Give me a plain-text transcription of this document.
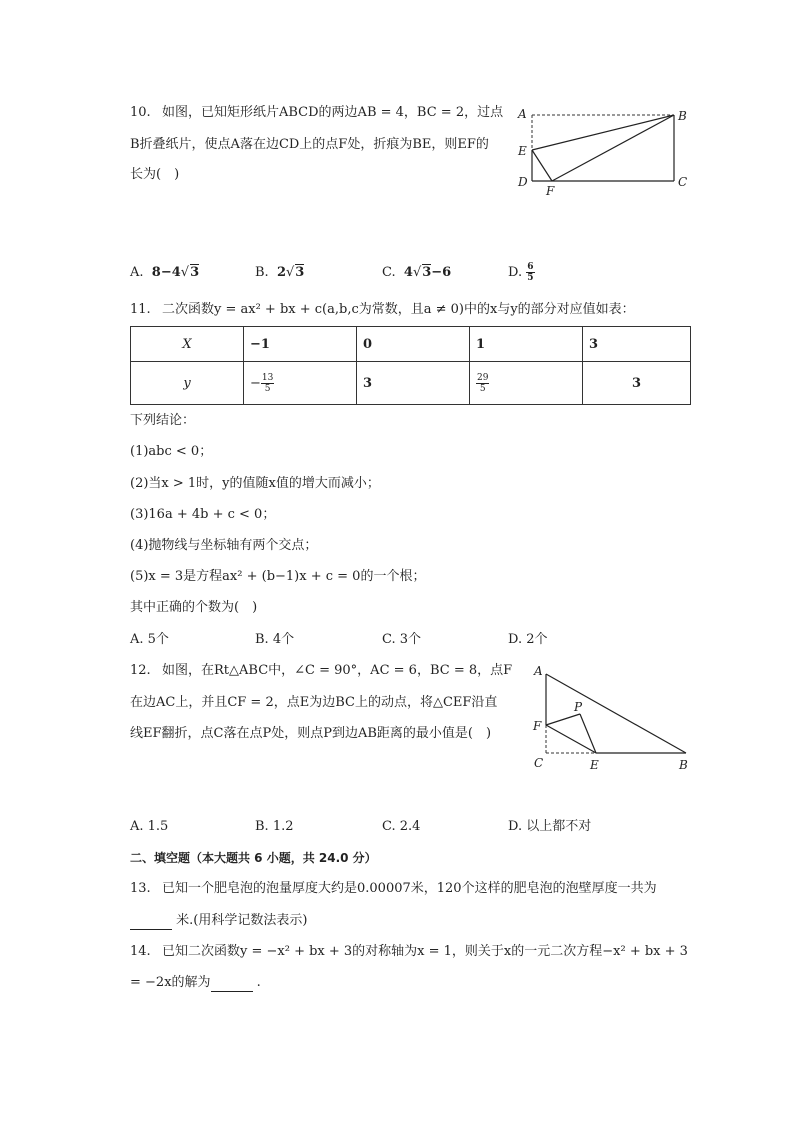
10. 如图，已知矩形纸片ABCD的两边AB = 4，BC = 2，过点
B折叠纸片，使点A落在边CD上的点F处，折痕为BE，则EF的
长为(　)
A	B
E
D
F
C
A. 8−4√3	B. 2√3	C. 4√3−6	D. $\frac{6}{5}$
11. 二次函数y = ax² + bx + c(a,b,c为常数，且a ≠ 0)中的x与y的部分对应值如表：
X	−1	0	1	3
y	− $\frac{13}{5}$	3	$\frac{29}{5}$	3
下列结论：
(1)abc < 0；
(2)当x > 1时，y的值随x值的增大而减小；
(3)16a + 4b + c < 0；
(4)抛物线与坐标轴有两个交点；
(5)x = 3是方程ax² + (b−1)x + c = 0的一个根；
其中正确的个数为(　)
A. 5个	B. 4个	C. 3个	D. 2个
12. 如图，在Rt△ABC中，∠C = 90°，AC = 6，BC = 8，点F
在边AC上，并且CF = 2，点E为边BC上的动点，将△CEF沿直
线EF翻折，点C落在点P处，则点P到边AB距离的最小值是(　)
A
F
P
C	E	B
A. 1.5	B. 1.2	C. 2.4	D. 以上都不对
二、填空题（本大题共 6 小题，共 24.0 分）
13. 已知一个肥皂泡的泡量厚度大约是0.00007米，120个这样的肥皂泡的泡壁厚度一共为
米.(用科学记数法表示)
14. 已知二次函数y = −x² + bx + 3的对称轴为x = 1，则关于x的一元二次方程−x² + bx + 3
= −2x的解为	.
